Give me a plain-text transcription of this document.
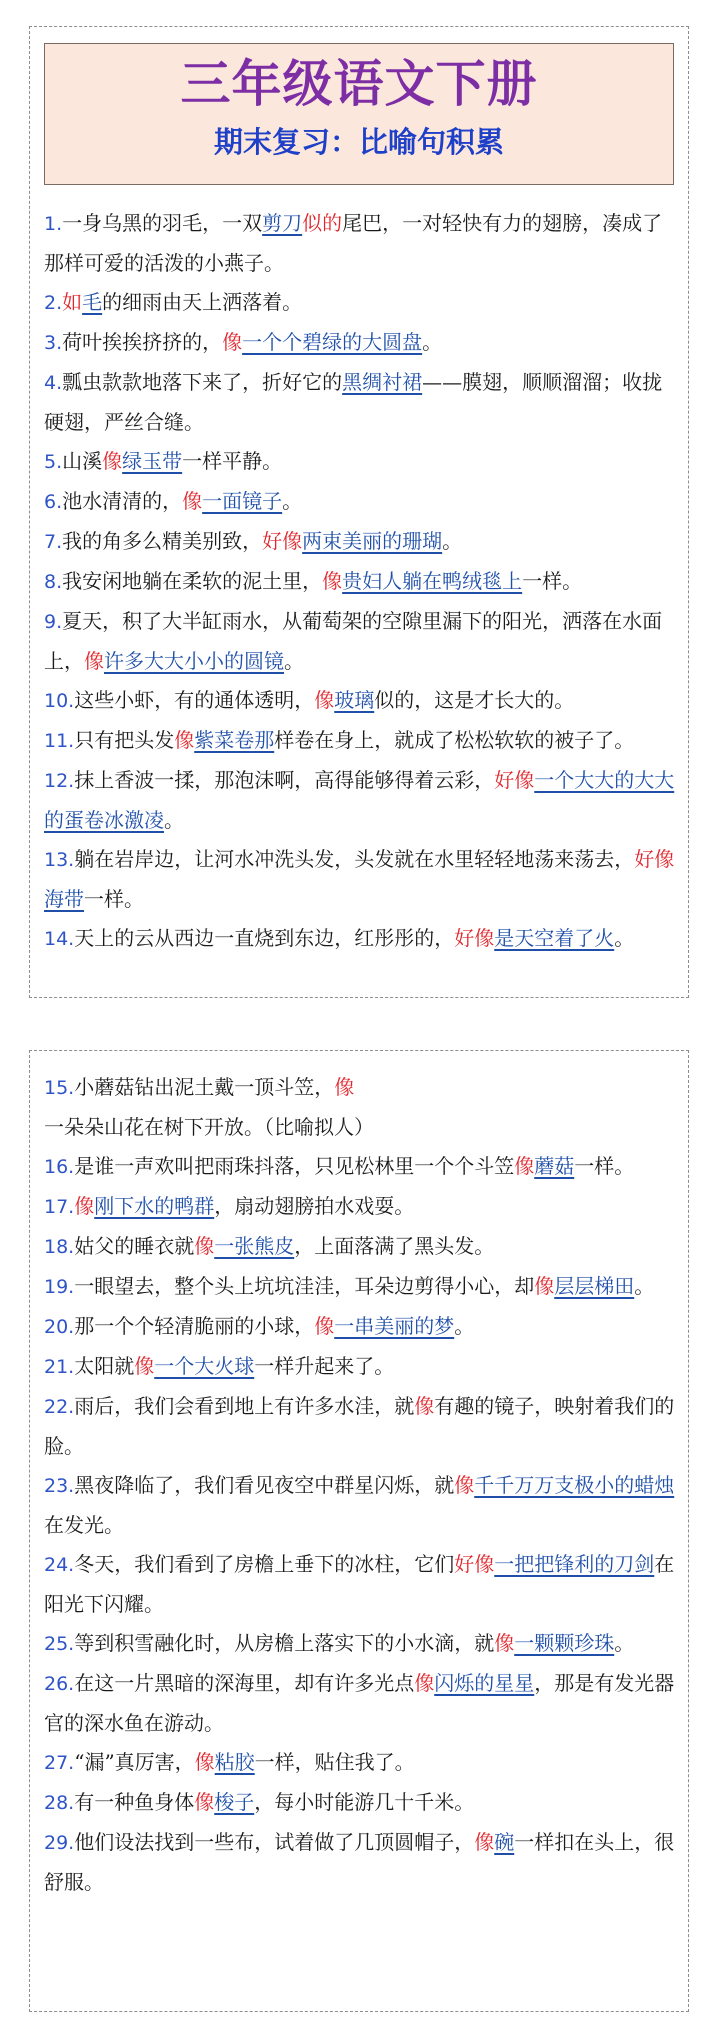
三年级语文下册
期末复习：比喻句积累

1.一身乌黑的羽毛，一双剪刀似的尾巴，一对轻快有力的翅膀，凑成了那样可爱的活泼的小燕子。

2.如毛的细雨由天上洒落着。

3.荷叶挨挨挤挤的，像一个个碧绿的大圆盘。

4.瓢虫款款地落下来了，折好它的黑绸衬裙——膜翅，顺顺溜溜；收拢硬翅，严丝合缝。

5.山溪像绿玉带一样平静。

6.池水清清的，像一面镜子。

7.我的角多么精美别致，好像两束美丽的珊瑚。

8.我安闲地躺在柔软的泥土里，像贵妇人躺在鸭绒毯上一样。

9.夏天，积了大半缸雨水，从葡萄架的空隙里漏下的阳光，洒落在水面上，像许多大大小小的圆镜。

10.这些小虾，有的通体透明，像玻璃似的，这是才长大的。

11.只有把头发像紫菜卷那样卷在身上，就成了松松软软的被子了。

12.抹上香波一揉，那泡沫啊，高得能够得着云彩，好像一个大大的大大的蛋卷冰激凌。

13.躺在岩岸边，让河水冲洗头发，头发就在水里轻轻地荡来荡去，好像海带一样。

14.天上的云从西边一直烧到东边，红彤彤的，好像是天空着了火。

15.小蘑菇钻出泥土戴一顶斗笠，像一朵朵山花在树下开放。（比喻拟人）

16.是谁一声欢叫把雨珠抖落，只见松林里一个个斗笠像蘑菇一样。

17.像刚下水的鸭群，扇动翅膀拍水戏耍。

18.姑父的睡衣就像一张熊皮，上面落满了黑头发。

19.一眼望去，整个头上坑坑洼洼，耳朵边剪得小心，却像层层梯田。

20.那一个个轻清脆丽的小球，像一串美丽的梦。

21.太阳就像一个大火球一样升起来了。

22.雨后，我们会看到地上有许多水洼，就像有趣的镜子，映射着我们的脸。

23.黑夜降临了，我们看见夜空中群星闪烁，就像千千万万支极小的蜡烛在发光。

24.冬天，我们看到了房檐上垂下的冰柱，它们好像一把把锋利的刀剑在阳光下闪耀。

25.等到积雪融化时，从房檐上落实下的小水滴，就像一颗颗珍珠。

26.在这一片黑暗的深海里，却有许多光点像闪烁的星星，那是有发光器官的深水鱼在游动。

27.“漏”真厉害，像粘胶一样，贴住我了。

28.有一种鱼身体像梭子，每小时能游几十千米。

29.他们设法找到一些布，试着做了几顶圆帽子，像碗一样扣在头上，很舒服。
